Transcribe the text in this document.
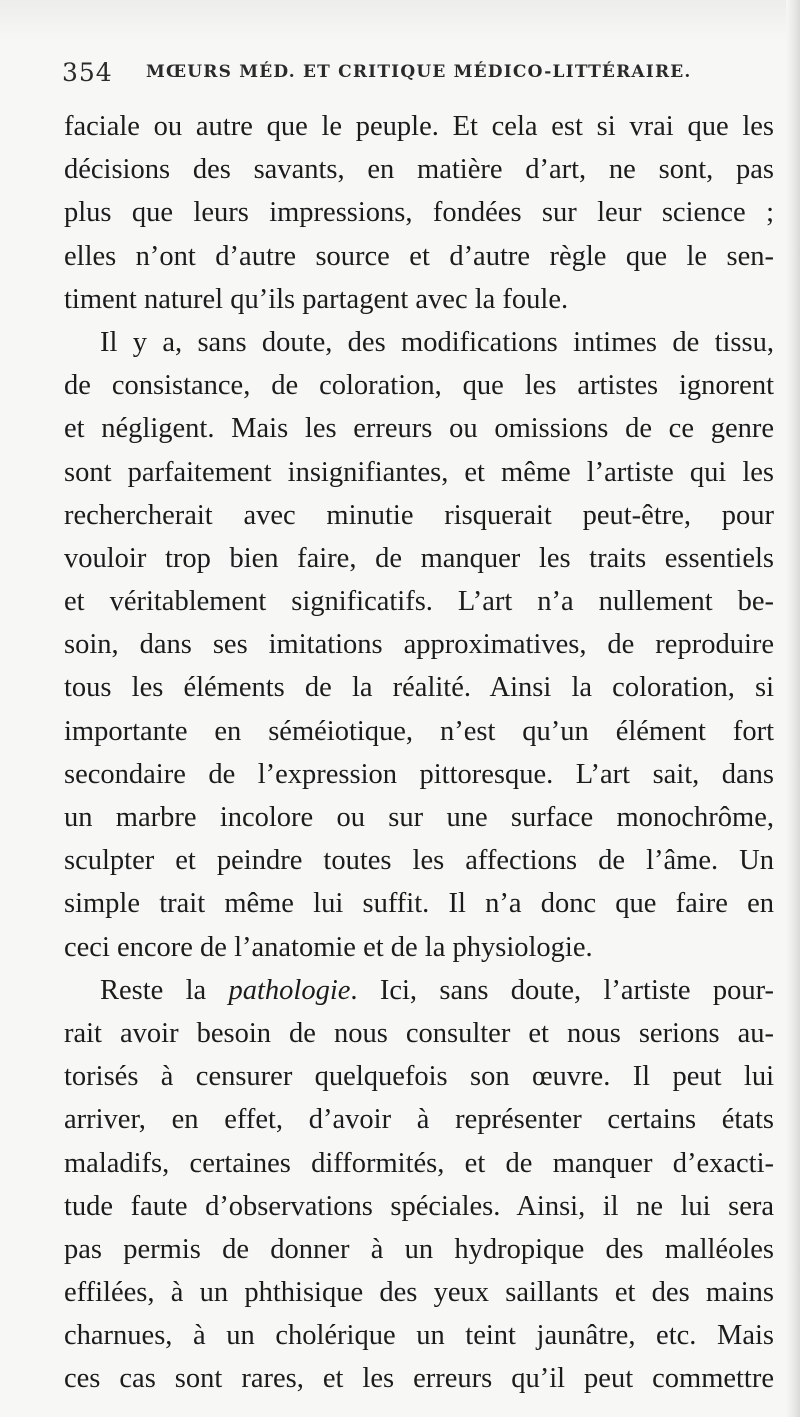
354 MŒURS MÉD. ET CRITIQUE MÉDICO-LITTÉRAIRE.
faciale ou autre que le peuple. Et cela est si vrai que les
décisions des savants, en matière d’art, ne sont, pas
plus que leurs impressions, fondées sur leur science ;
elles n’ont d’autre source et d’autre règle que le sen-
timent naturel qu’ils partagent avec la foule.
Il y a, sans doute, des modifications intimes de tissu,
de consistance, de coloration, que les artistes ignorent
et négligent. Mais les erreurs ou omissions de ce genre
sont parfaitement insignifiantes, et même l’artiste qui les
rechercherait avec minutie risquerait peut-être, pour
vouloir trop bien faire, de manquer les traits essentiels
et véritablement significatifs. L’art n’a nullement be-
soin, dans ses imitations approximatives, de reproduire
tous les éléments de la réalité. Ainsi la coloration, si
importante en séméiotique, n’est qu’un élément fort
secondaire de l’expression pittoresque. L’art sait, dans
un marbre incolore ou sur une surface monochrôme,
sculpter et peindre toutes les affections de l’âme. Un
simple trait même lui suffit. Il n’a donc que faire en
ceci encore de l’anatomie et de la physiologie.
Reste la pathologie. Ici, sans doute, l’artiste pour-
rait avoir besoin de nous consulter et nous serions au-
torisés à censurer quelquefois son œuvre. Il peut lui
arriver, en effet, d’avoir à représenter certains états
maladifs, certaines difformités, et de manquer d’exacti-
tude faute d’observations spéciales. Ainsi, il ne lui sera
pas permis de donner à un hydropique des malléoles
effilées, à un phthisique des yeux saillants et des mains
charnues, à un cholérique un teint jaunâtre, etc. Mais
ces cas sont rares, et les erreurs qu’il peut commettre
